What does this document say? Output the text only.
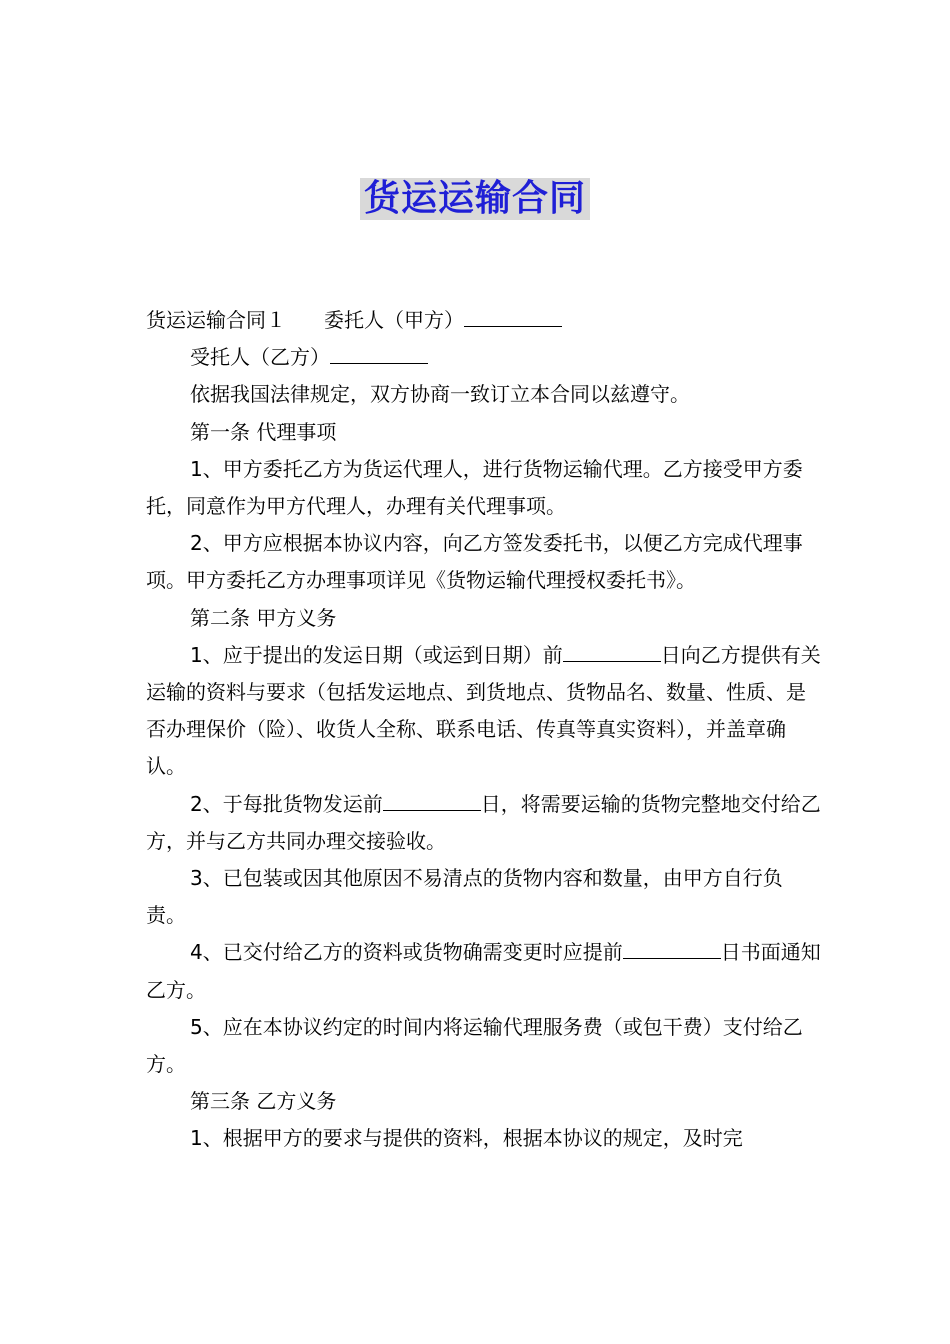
货运运输合同

货运运输合同１ 委托人（甲方）

受托人（乙方）

依据我国法律规定，双方协商一致订立本合同以兹遵守。

第一条 代理事项

1、甲方委托乙方为货运代理人，进行货物运输代理。乙方接受甲方委托，同意作为甲方代理人，办理有关代理事项。

2、甲方应根据本协议内容，向乙方签发委托书，以便乙方完成代理事项。甲方委托乙方办理事项详见《货物运输代理授权委托书》。

第二条 甲方义务

1、应于提出的发运日期（或运到日期）前	日向乙方提供有关运输的资料与要求（包括发运地点、到货地点、货物品名、数量、性质、是否办理保价（险）、收货人全称、联系电话、传真等真实资料），并盖章确认。

2、于每批货物发运前	日，将需要运输的货物完整地交付给乙方，并与乙方共同办理交接验收。

3、已包装或因其他原因不易清点的货物内容和数量，由甲方自行负责。

4、已交付给乙方的资料或货物确需变更时应提前	日书面通知乙方。

5、应在本协议约定的时间内将运输代理服务费（或包干费）支付给乙方。

第三条 乙方义务

1、根据甲方的要求与提供的资料，根据本协议的规定，及时完
